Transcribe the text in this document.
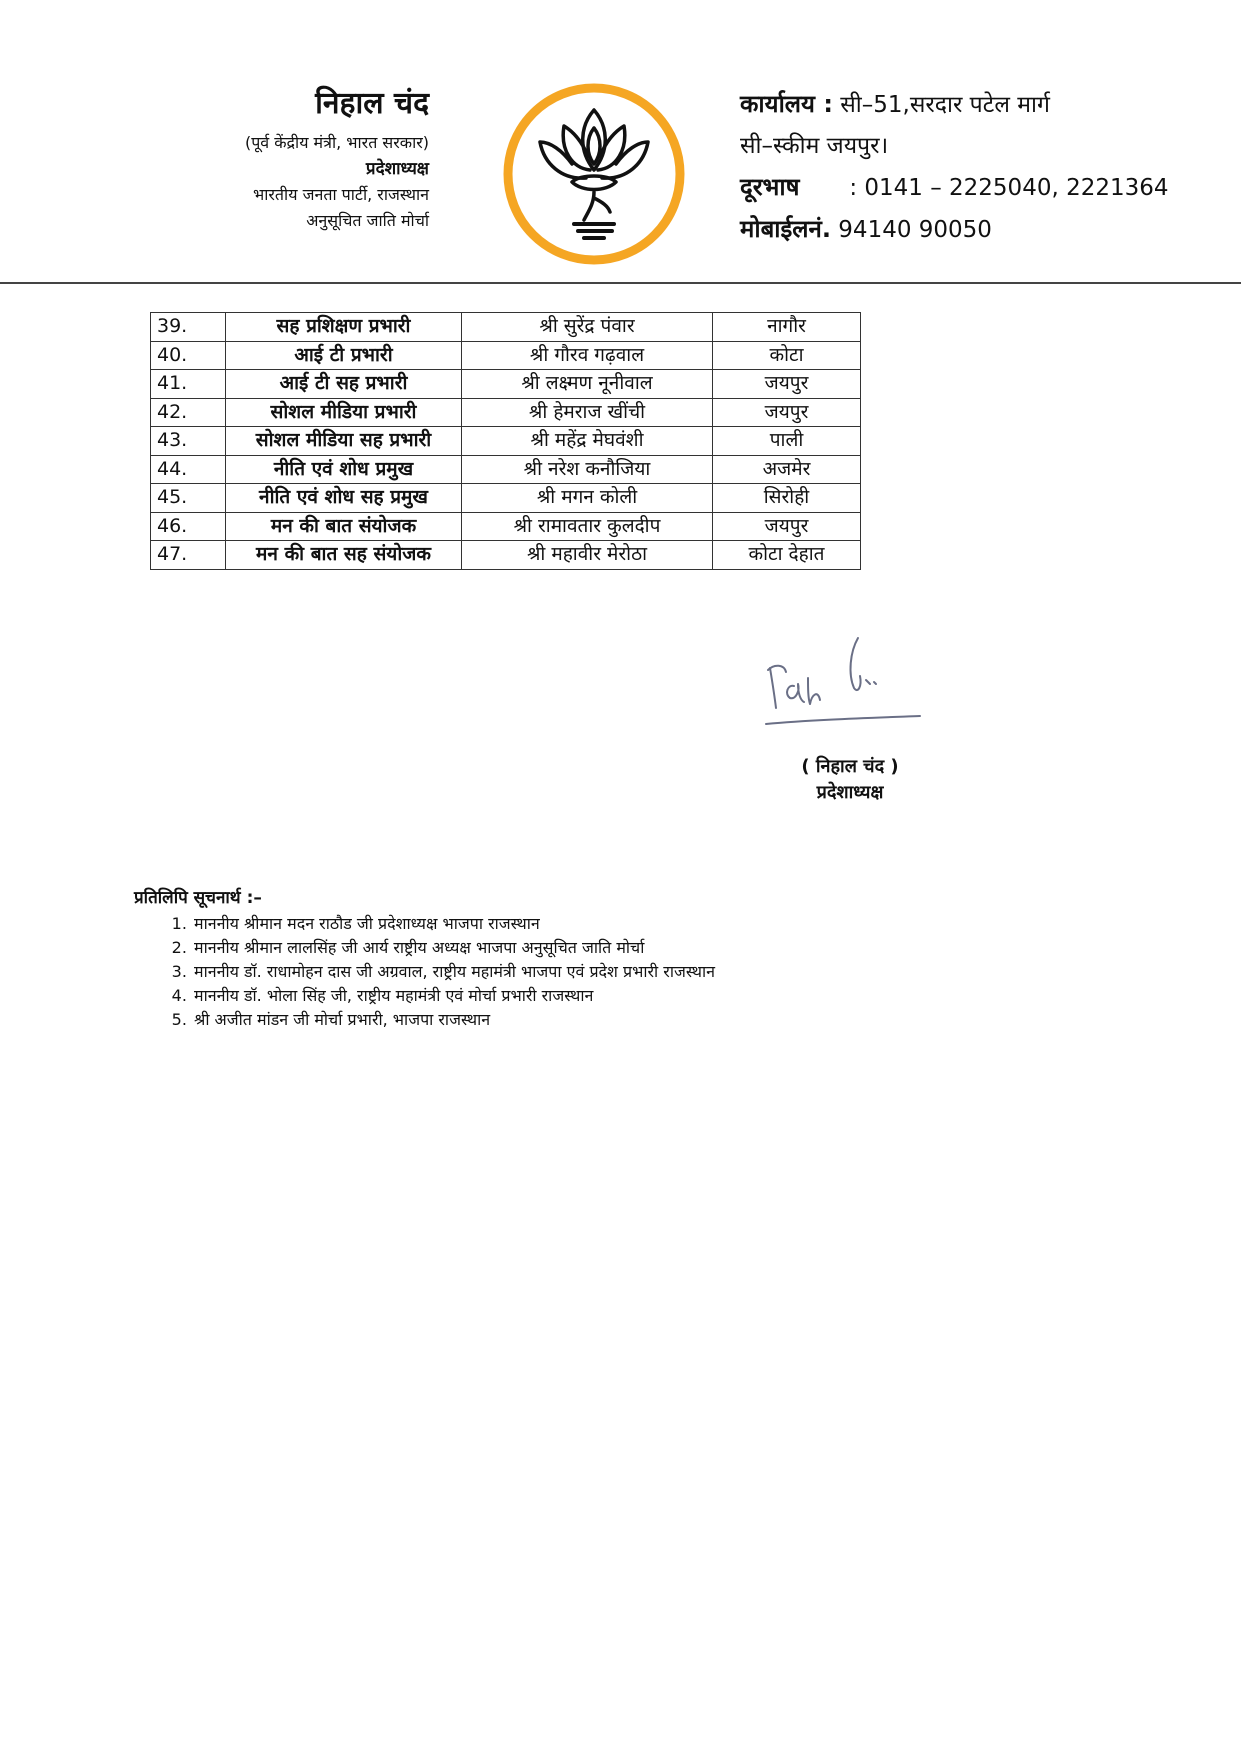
निहाल चंद
(पूर्व केंद्रीय मंत्री, भारत सरकार)
प्रदेशाध्यक्ष
भारतीय जनता पार्टी, राजस्थान
अनुसूचित जाति मोर्चा
कार्यालय : सी–51,सरदार पटेल मार्ग
सी–स्कीम जयपुर।
दूरभाष : 0141 – 2225040, 2221364
मोबाईलनं. 94140 90050
39.	सह प्रशिक्षण प्रभारी	श्री सुरेंद्र पंवार	नागौर
40.	आई टी प्रभारी	श्री गौरव गढ़वाल	कोटा
41.	आई टी सह प्रभारी	श्री लक्ष्मण नूनीवाल	जयपुर
42.	सोशल मीडिया प्रभारी	श्री हेमराज खींची	जयपुर
43.	सोशल मीडिया सह प्रभारी	श्री महेंद्र मेघवंशी	पाली
44.	नीति एवं शोध प्रमुख	श्री नरेश कनौजिया	अजमेर
45.	नीति एवं शोध सह प्रमुख	श्री मगन कोली	सिरोही
46.	मन की बात संयोजक	श्री रामावतार कुलदीप	जयपुर
47.	मन की बात सह संयोजक	श्री महावीर मेरोठा	कोटा देहात
( निहाल चंद )
प्रदेशाध्यक्ष
प्रतिलिपि सूचनार्थ :–
1. माननीय श्रीमान मदन राठौड जी प्रदेशाध्यक्ष भाजपा राजस्थान
2. माननीय श्रीमान लालसिंह जी आर्य राष्ट्रीय अध्यक्ष भाजपा अनुसूचित जाति मोर्चा
3. माननीय डॉ. राधामोहन दास जी अग्रवाल, राष्ट्रीय महामंत्री भाजपा एवं प्रदेश प्रभारी राजस्थान
4. माननीय डॉ. भोला सिंह जी, राष्ट्रीय महामंत्री एवं मोर्चा प्रभारी राजस्थान
5. श्री अजीत मांडन जी मोर्चा प्रभारी, भाजपा राजस्थान
